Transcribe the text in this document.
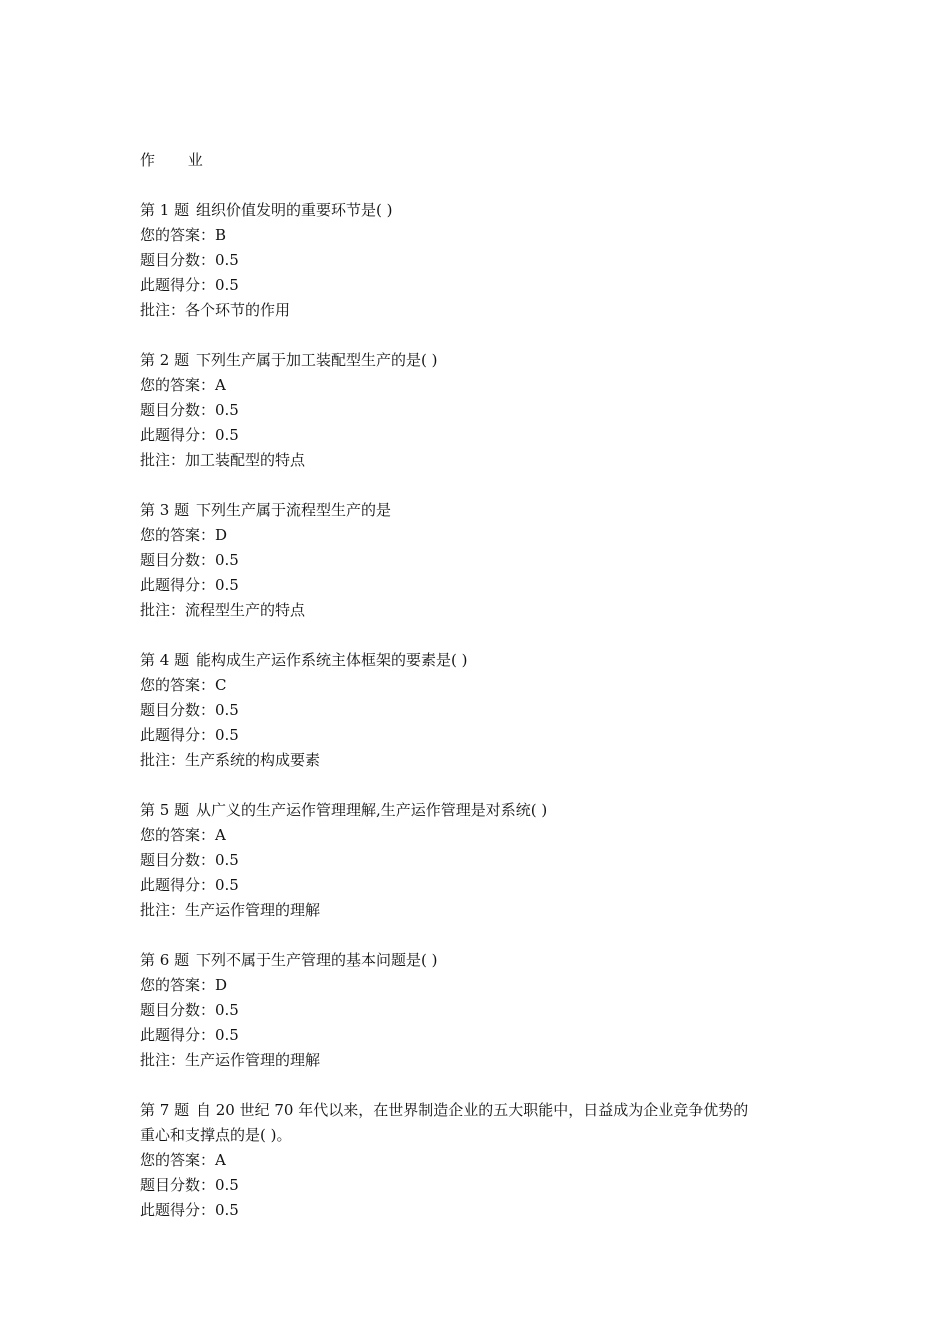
作 业
第 1 题 组织价值发明的重要环节是( )
您的答案：B
题目分数：0.5
此题得分：0.5
批注：各个环节的作用
第 2 题 下列生产属于加工装配型生产的是( )
您的答案：A
题目分数：0.5
此题得分：0.5
批注：加工装配型的特点
第 3 题 下列生产属于流程型生产的是
您的答案：D
题目分数：0.5
此题得分：0.5
批注：流程型生产的特点
第 4 题 能构成生产运作系统主体框架的要素是( )
您的答案：C
题目分数：0.5
此题得分：0.5
批注：生产系统的构成要素
第 5 题 从广义的生产运作管理理解,生产运作管理是对系统( )
您的答案：A
题目分数：0.5
此题得分：0.5
批注：生产运作管理的理解
第 6 题 下列不属于生产管理的基本问题是( )
您的答案：D
题目分数：0.5
此题得分：0.5
批注：生产运作管理的理解
第 7 题 自 20 世纪 70 年代以来，在世界制造企业的五大职能中，日益成为企业竞争优势的
重心和支撑点的是( )。
您的答案：A
题目分数：0.5
此题得分：0.5
